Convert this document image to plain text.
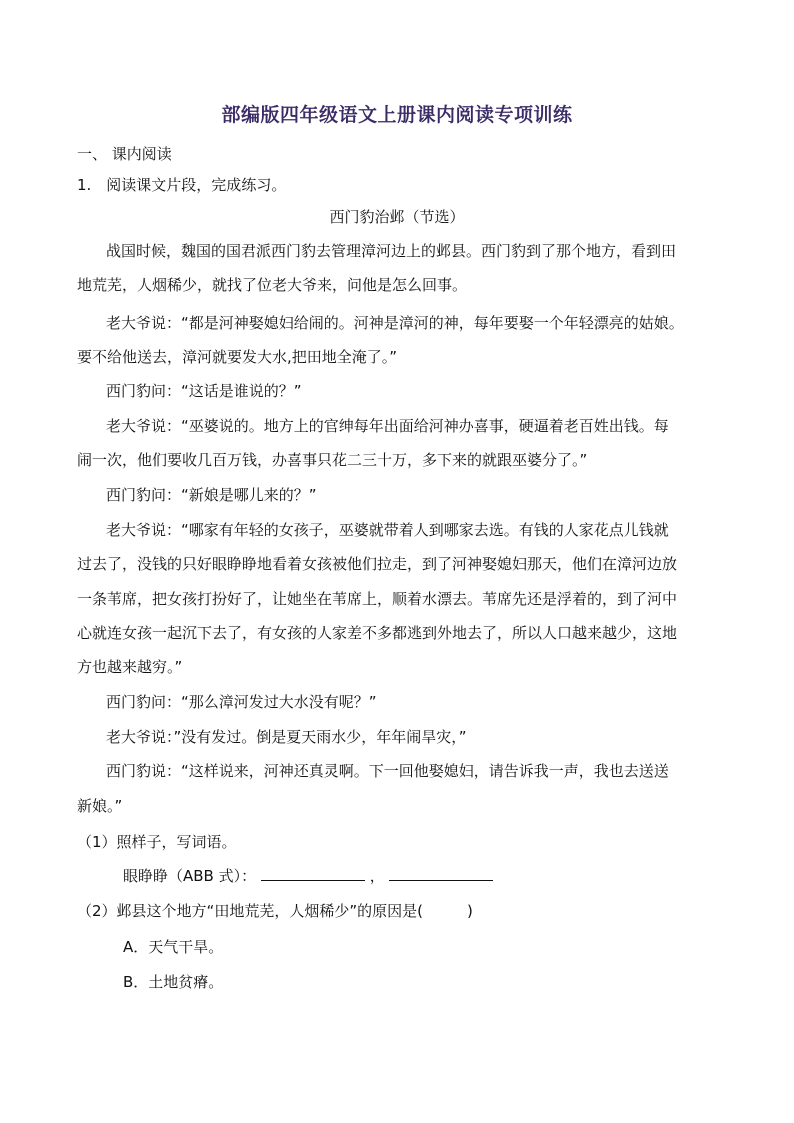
部编版四年级语文上册课内阅读专项训练
一、 课内阅读
1.　阅读课文片段，完成练习。
西门豹治邺（节选）
战国时候，魏国的国君派西门豹去管理漳河边上的邺县。西门豹到了那个地方，看到田
地荒芜，人烟稀少，就找了位老大爷来，问他是怎么回事。
老大爷说：“都是河神娶媳妇给闹的。河神是漳河的神，每年要娶一个年轻漂亮的姑娘。
要不给他送去，漳河就要发大水,把田地全淹了。”
西门豹问：“这话是谁说的？”
老大爷说：“巫婆说的。地方上的官绅每年出面给河神办喜事，硬逼着老百姓出钱。每
闹一次，他们要收几百万钱，办喜事只花二三十万，多下来的就跟巫婆分了。”
西门豹问：“新娘是哪儿来的？”
老大爷说：“哪家有年轻的女孩子，巫婆就带着人到哪家去选。有钱的人家花点儿钱就
过去了，没钱的只好眼睁睁地看着女孩被他们拉走，到了河神娶媳妇那天，他们在漳河边放
一条苇席，把女孩打扮好了，让她坐在苇席上，顺着水漂去。苇席先还是浮着的，到了河中
心就连女孩一起沉下去了，有女孩的人家差不多都逃到外地去了，所以人口越来越少，这地
方也越来越穷。”
西门豹问：“那么漳河发过大水没有呢？”
老大爷说：”没有发过。倒是夏天雨水少，年年闹旱灾，”
西门豹说：“这样说来，河神还真灵啊。下一回他娶媳妇，请告诉我一声，我也去送送
新娘。”
（1）照样子，写词语。
眼睁睁（ABB 式）：	，
（2）邺县这个地方“田地荒芜，人烟稀少”的原因是(	)
A．天气干旱。
B．土地贫瘠。
